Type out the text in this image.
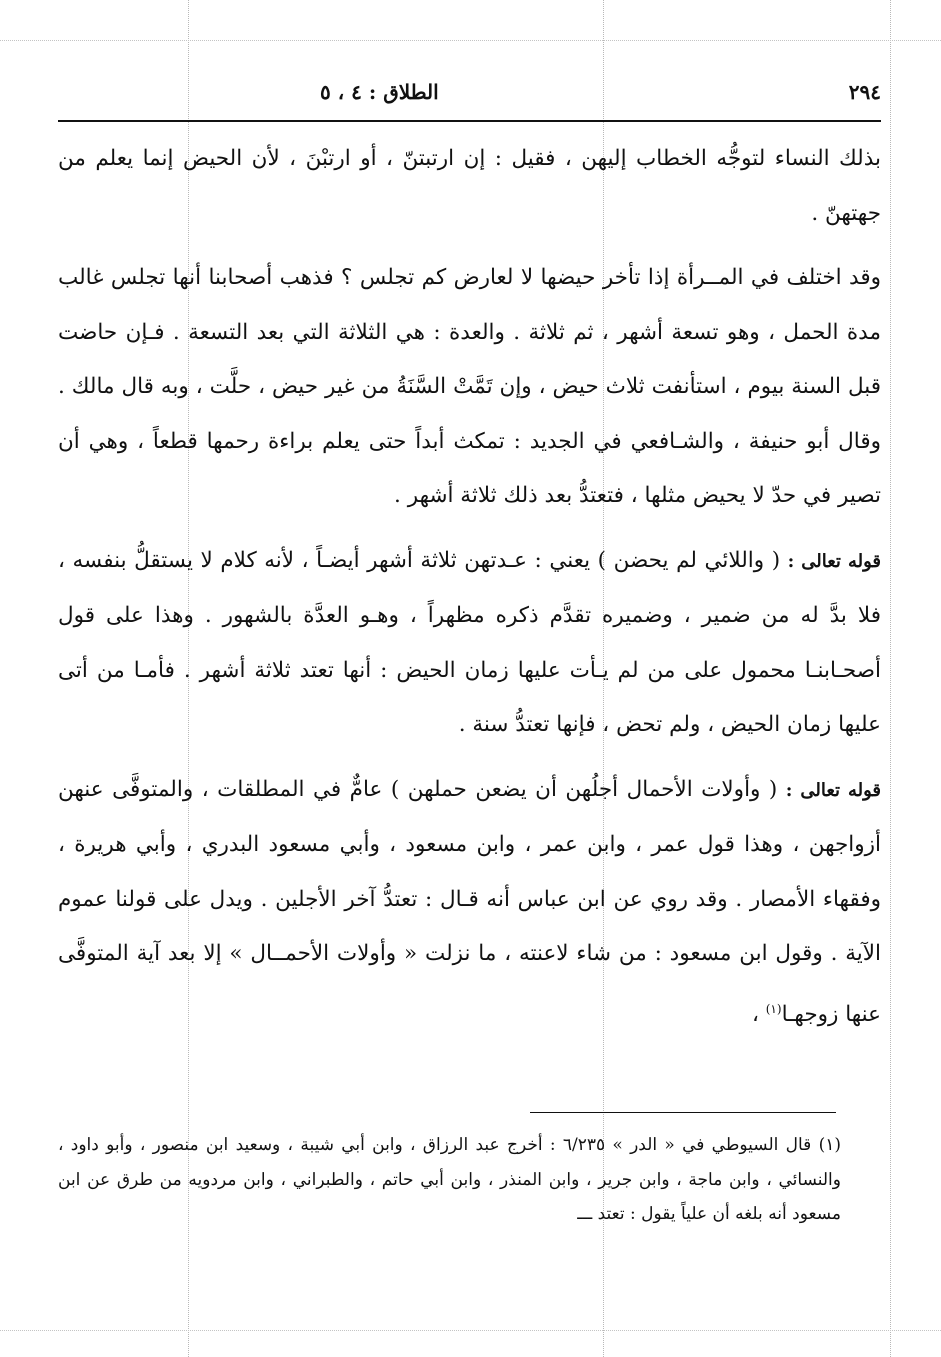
٢٩٤
الطلاق : ٤ ، ٥

بذلك النساء لتوجُّه الخطاب إليهن ، فقيل : إن ارتبتنّ ، أو ارتبْنَ ، لأن الحيض إنما يعلم من جهتهنّ .

وقد اختلف في المــرأة إذا تأخر حيضها لا لعارض كم تجلس ؟ فذهب أصحابنا أنها تجلس غالب مدة الحمل ، وهو تسعة أشهر ، ثم ثلاثة . والعدة : هي الثلاثة التي بعد التسعة . فـإن حاضت قبل السنة بيوم ، استأنفت ثلاث حيض ، وإن تَمَّتْ السَّنَةُ من غير حيض ، حلَّت ، وبه قال مالك . وقال أبو حنيفة ، والشـافعي في الجديد : تمكث أبداً حتى يعلم براءة رحمها قطعاً ، وهي أن تصير في حدّ لا يحيض مثلها ، فتعتدُّ بعد ذلك ثلاثة أشهر .

قوله تعالى : ( واللائي لم يحضن ) يعني : عـدتهن ثلاثة أشهر أيضـاً ، لأنه كلام لا يستقلُّ بنفسه ، فلا بدَّ له من ضمير ، وضميره تقدَّم ذكره مظهراً ، وهـو العدَّة بالشهور . وهذا على قول أصحـابنـا محمول على من لم يـأت عليها زمان الحيض : أنها تعتد ثلاثة أشهر . فأمـا من أتى عليها زمان الحيض ، ولم تحض ، فإنها تعتدُّ سنة .

قوله تعالى : ( وأولات الأحمال أجلُهن أن يضعن حملهن ) عامٌّ في المطلقات ، والمتوفَّى عنهن أزواجهن ، وهذا قول عمر ، وابن عمر ، وابن مسعود ، وأبي مسعود البدري ، وأبي هريرة ، وفقهاء الأمصار . وقد روي عن ابن عباس أنه قـال : تعتدُّ آخر الأجلين . ويدل على قولنا عموم الآية . وقول ابن مسعود : من شاء لاعنته ، ما نزلت « وأولات الأحمــال » إلا بعد آية المتوفَّى عنها زوجهـا$^{(١)}$ ،

(١) قال السيوطي في « الدر » ٦/٢٣٥ : أخرج عبد الرزاق ، وابن أبي شيبة ، وسعيد ابن منصور ، وأبو داود ، والنسائي ، وابن ماجة ، وابن جرير ، وابن المنذر ، وابن أبي حاتم ، والطبراني ، وابن مردويه من طرق عن ابن مسعود أنه بلغه أن علياً يقول : تعتد ـــ
